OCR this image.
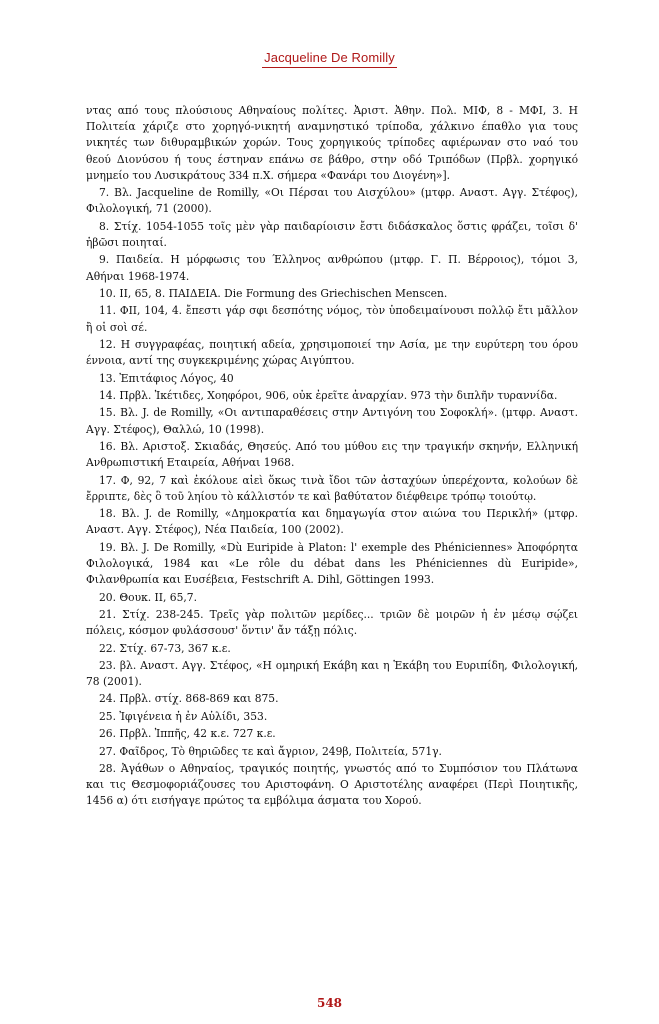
Jacqueline De Romilly

ντας από τους πλούσιους Αθηναίους πολίτες. Ἀριστ. Ἀθην. Πολ. ΜΙΦ, 8 - ΜΦΙ, 3. Η Πολιτεία χάριζε στο χορηγό-νικητή αναμνηστικό τρίποδα, χάλκινο έπαθλο για τους νικητές των διθυραμβικών χορών. Τους χορηγικούς τρίποδες αφιέρωναν στο ναό του θεού Διονύσου ή τους έστηναν επάνω σε βάθρο, στην οδό Τριπόδων (Πρβλ. χορηγικό μνημείο του Λυσικράτους 334 π.Χ. σήμερα «Φανάρι του Διογένη»].

7. Βλ. Jacqueline de Romilly, «Οι Πέρσαι του Αισχύλου» (μτφρ. Αναστ. Αγγ. Στέφος), Φιλολογική, 71 (2000).

8. Στίχ. 1054-1055 τοῖς μὲν γὰρ παιδαρίοισιν ἔστι διδάσκαλος ὅστις φράζει, τοῖσι δ' ἡβῶσι ποιηταί.

9. Παιδεία. Η μόρφωσις του Έλληνος ανθρώπου (μτφρ. Γ. Π. Βέρροιος), τόμοι 3, Αθήναι 1968-1974.

10. II, 65, 8. ΠΑΙΔΕΙΑ. Die Formung des Griechischen Menscen.

11. ΦΙΙ, 104, 4. ἔπεστι γάρ σφι δεσπότης νόμος, τὸν ὑποδειμαίνουσι πολλῷ ἔτι μᾶλλον ἢ οἱ σοὶ σέ.

12. Η συγγραφέας, ποιητική αδεία, χρησιμοποιεί την Ασία, με την ευρύτερη του όρου έννοια, αντί της συγκεκριμένης χώρας Αιγύπτου.

13. Ἐπιτάφιος Λόγος, 40

14. Πρβλ. Ἱκέτιδες, Χοηφόροι, 906, οὐκ ἐρεῖτε ἀναρχίαν. 973 τὴν διπλῆν τυραννίδα.

15. Βλ. J. de Romilly, «Οι αντιπαραθέσεις στην Αντιγόνη του Σοφοκλή». (μτφρ. Αναστ. Αγγ. Στέφος), Θαλλώ, 10 (1998).

16. Βλ. Αριστοξ. Σκιαδάς, Θησεύς. Από του μύθου εις την τραγικήν σκηνήν, Ελληνική Ανθρωπιστική Εταιρεία, Αθήναι 1968.

17. Φ, 92, 7 καὶ ἐκόλουε αἰεὶ ὅκως τινὰ ἴδοι τῶν ἀσταχύων ὑπερέχοντα, κολούων δὲ ἔρριπτε, δὲς ὃ τοῦ ληίου τὸ κάλλιστόν τε καὶ βαθύτατον διέφθειρε τρόπῳ τοιούτῳ.

18. Βλ. J. de Romilly, «Δημοκρατία και δημαγωγία στον αιώνα του Περικλή» (μτφρ. Αναστ. Αγγ. Στέφος), Νέα Παιδεία, 100 (2002).

19. Βλ. J. De Romilly, «Dù Euripide à Platon: l' exemple des Phéniciennes» Ἀποφόρητα Φιλολογικά, 1984 και «Le rôle du débat dans les Phéniciennes dù Euripide», Φιλανθρωπία και Ευσέβεια, Festschrift A. Dihl, Göttingen 1993.

20. Θουκ. II, 65,7.

21. Στίχ. 238-245. Τρεῖς γὰρ πολιτῶν μερίδες... τριῶν δὲ μοιρῶν ἡ ἐν μέσῳ σῴζει πόλεις, κόσμον φυλάσσουσ' ὅντιν' ἄν τάξῃ πόλις.

22. Στίχ. 67-73, 367 κ.ε.

23. βλ. Αναστ. Αγγ. Στέφος, «Η ομηρική Εκάβη και η Ἑκάβη του Ευριπίδη, Φιλολογική, 78 (2001).

24. Πρβλ. στίχ. 868-869 και 875.

25. Ἰφιγένεια ἡ ἐν Αὐλίδι, 353.

26. Πρβλ. Ἱππῆς, 42 κ.ε. 727 κ.ε.

27. Φαῖδρος, Τὸ θηριῶδες τε καὶ ἄγριον, 249β, Πολιτεία, 571γ.

28. Ἀγάθων ο Αθηναίος, τραγικός ποιητής, γνωστός από το Συμπόσιον του Πλάτωνα και τις Θεσμοφοριάζουσες του Αριστοφάνη. Ο Αριστοτέλης αναφέρει (Περὶ Ποιητικῆς, 1456 α) ότι εισήγαγε πρώτος τα εμβόλιμα άσματα του Χορού.

548
